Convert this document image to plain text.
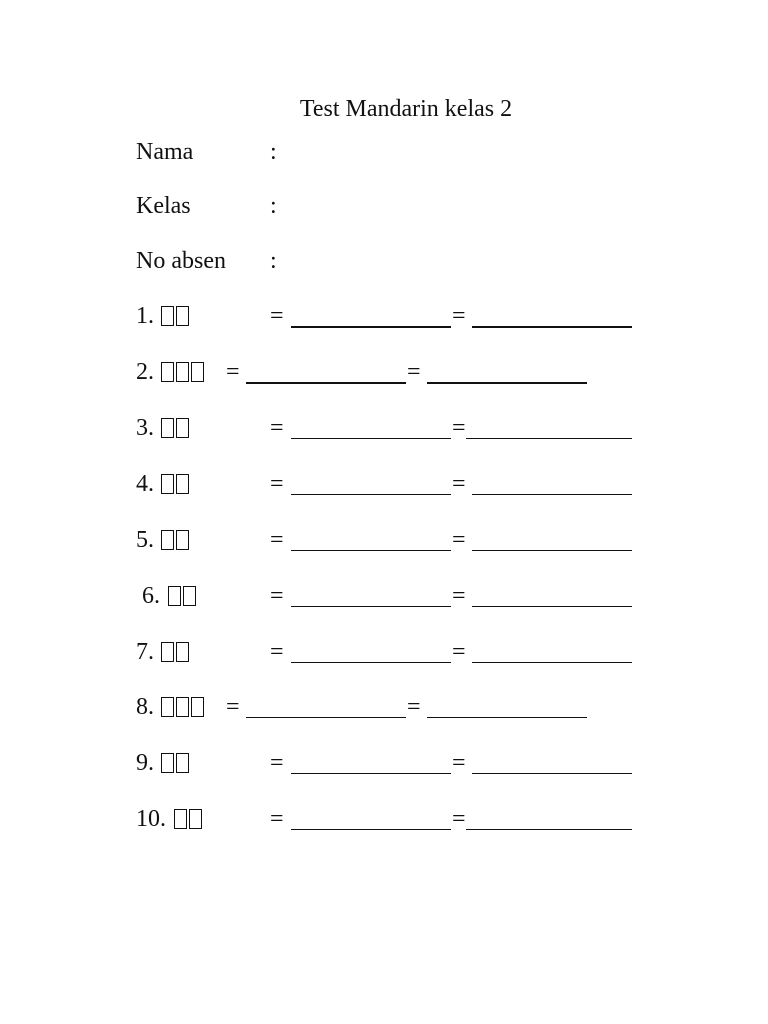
Test Mandarin kelas 2
Nama	:
Kelas	:
No absen :
1.	=	=
2.	=	=
3.	=	=
4.	=	=
5.	=	=
6.	=	=
7.	=	=
8.	=	=
9.	=	=
10.	=	=
